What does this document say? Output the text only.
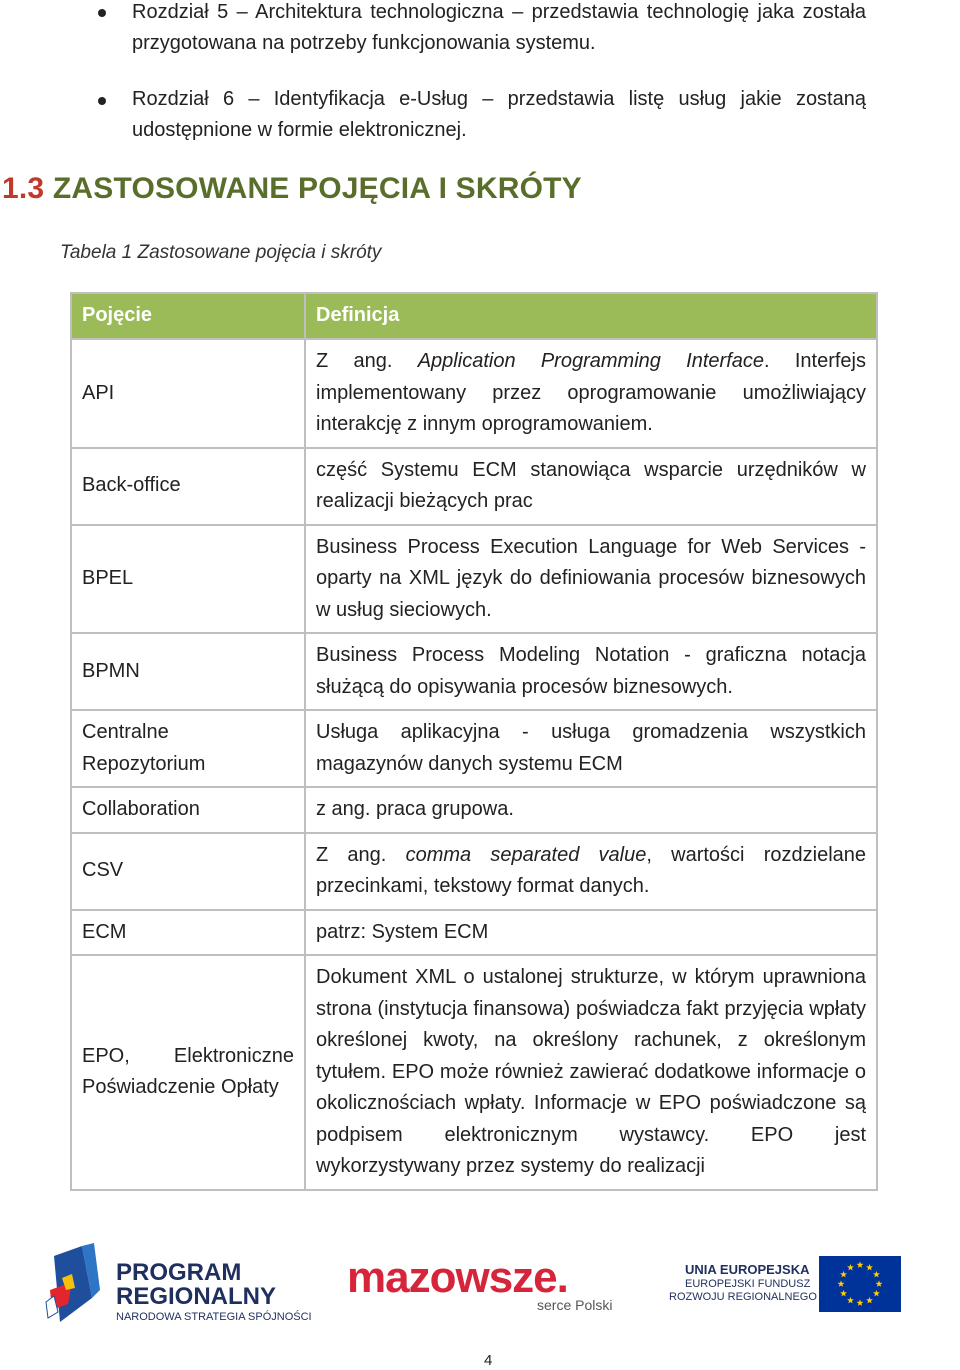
Rozdział 5 – Architektura technologiczna – przedstawia technologię jaka została przygotowana na potrzeby funkcjonowania systemu.

Rozdział 6 – Identyfikacja e-Usług – przedstawia listę usług jakie zostaną udostępnione w formie elektronicznej.

1.3 ZASTOSOWANE POJĘCIA I SKRÓTY
Tabela 1 Zastosowane pojęcia i skróty
Pojęcie	Definicja
API	Z ang. Application Programming Interface. Interfejs implementowany przez oprogramowanie umożliwiający interakcję z innym oprogramowaniem.
Back-office	część Systemu ECM stanowiąca wsparcie urzędników w realizacji bieżących prac
BPEL	Business Process Execution Language for Web Services - oparty na XML język do definiowania procesów biznesowych w usług sieciowych.
BPMN	Business Process Modeling Notation - graficzna notacja służącą do opisywania procesów biznesowych.
Centralne Repozytorium	Usługa aplikacyjna - usługa gromadzenia wszystkich magazynów danych systemu ECM
Collaboration	z ang. praca grupowa.
CSV	Z ang. comma separated value, wartości rozdzielane przecinkami, tekstowy format danych.
ECM	patrz: System ECM
EPO, Elektroniczne Poświadczenie Opłaty	Dokument XML o ustalonej strukturze, w którym uprawniona strona (instytucja finansowa) poświadcza fakt przyjęcia wpłaty określonej kwoty, na określony rachunek, z określonym tytułem. EPO może również zawierać dodatkowe informacje o okolicznościach wpłaty. Informacje w EPO poświadczone są podpisem elektronicznym wystawcy. EPO jest wykorzystywany przez systemy do realizacji
PROGRAM
REGIONALNY
NARODOWA STRATEGIA SPÓJNOŚCI
mazowsze.
serce Polski
UNIA EUROPEJSKA
EUROPEJSKI FUNDUSZ
ROZWOJU REGIONALNEGO
4
